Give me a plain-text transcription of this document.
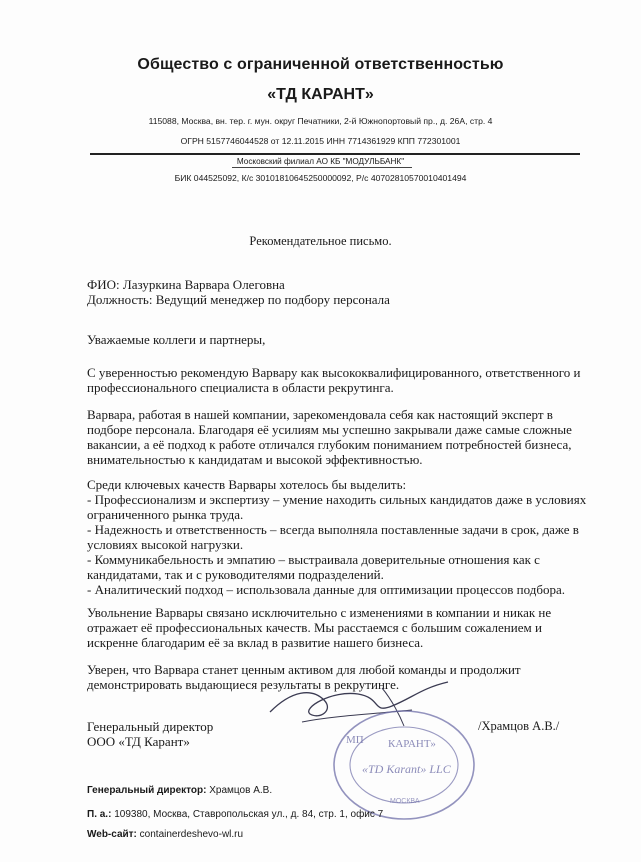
Общество с ограниченной ответственностью
«ТД КАРАНТ»
115088, Москва, вн. тер. г. мун. округ Печатники, 2-й Южнопортовый пр., д. 26А, стр. 4
ОГРН 5157746044528 от 12.11.2015 ИНН 7714361929 КПП 772301001
Московский филиал АО КБ "МОДУЛЬБАНК"
БИК 044525092, К/с 30101810645250000092, Р/с 40702810570010401494
Рекомендательное письмо.
ФИО: Лазуркина Варвара Олеговна
Должность: Ведущий менеджер по подбору персонала
Уважаемые коллеги и партнеры,
С уверенностью рекомендую Варвару как высококвалифицированного, ответственного и
профессионального специалиста в области рекрутинга.
Варвара, работая в нашей компании, зарекомендовала себя как настоящий эксперт в
подборе персонала. Благодаря её усилиям мы успешно закрывали даже самые сложные
вакансии, а её подход к работе отличался глубоким пониманием потребностей бизнеса,
внимательностью к кандидатам и высокой эффективностью.
Среди ключевых качеств Варвары хотелось бы выделить:
- Профессионализм и экспертизу – умение находить сильных кандидатов даже в условиях
ограниченного рынка труда.
- Надежность и ответственность – всегда выполняла поставленные задачи в срок, даже в
условиях высокой нагрузки.
- Коммуникабельность и эмпатию – выстраивала доверительные отношения как с
кандидатами, так и с руководителями подразделений.
- Аналитический подход – использовала данные для оптимизации процессов подбора.
Увольнение Варвары связано исключительно с изменениями в компании и никак не
отражает её профессиональных качеств. Мы расстаемся с большим сожалением и
искренне благодарим её за вклад в развитие нашего бизнеса.
Уверен, что Варвара станет ценным активом для любой команды и продолжит
демонстрировать выдающиеся результаты в рекрутинге.
Генеральный директор
ООО «ТД Карант»
/Храмцов А.В./
МП КАРАНТ»
«TD Karant» LLC
МОСКВА
Генеральный директор: Храмцов А.В.
П. а.: 109380, Москва, Ставропольская ул., д. 84, стр. 1, офис 7
Web-сайт: containerdeshevo-wl.ru
